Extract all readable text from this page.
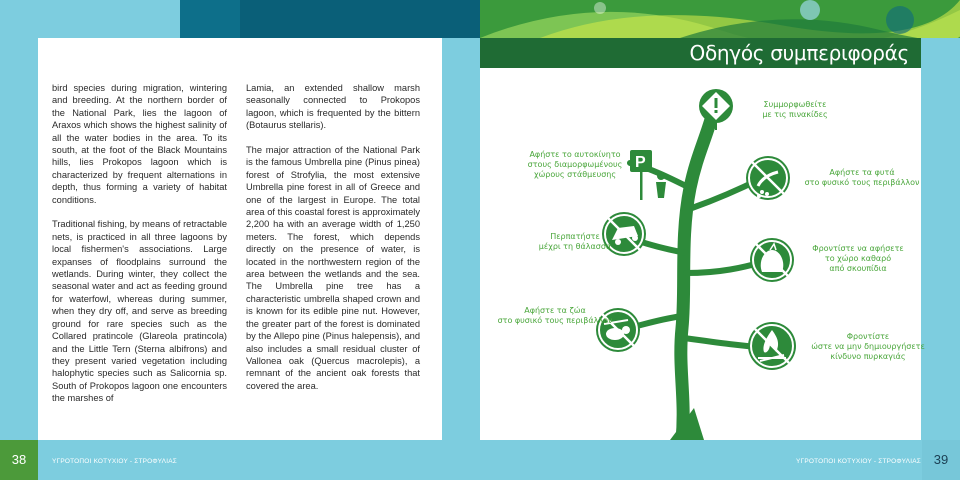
bird species during migration, wintering and breeding. At the northern border of the National Park, lies the lagoon of Araxos which shows the highest salinity of all the water bodies in the area. To its south, at the foot of the Black Mountains hills, lies Prokopos lagoon which is characterized by frequent alternations in depth, thus forming a variety of habitat conditions.

Traditional fishing, by means of retractable nets, is practiced in all three lagoons by local fishermen's associations. Large expanses of floodplains surround the wetlands. During winter, they collect the seasonal water and act as feeding ground for waterfowl, whereas during summer, when they dry off, and serve as breeding ground for rare species such as the Collared pratincole (Glareola pratincola) and the Little Tern (Sterna albifrons) and they present varied vegetation including halophytic species such as Salicornia sp. South of Prokopos lagoon one encounters the marshes of

Lamia, an extended shallow marsh seasonally connected to Prokopos lagoon, which is frequented by the bittern (Botaurus stellaris).

The major attraction of the National Park is the famous Umbrella pine (Pinus pinea) forest of Strofylia, the most extensive Umbrella pine forest in all of Greece and one of the largest in Europe. The total area of this coastal forest is approximately 2,200 ha with an average width of 1,250 meters. The forest, which depends directly on the presence of water, is located in the northwestern region of the area between the wetlands and the sea. The Umbrella pine tree has a characteristic umbrella shaped crown and is known for its edible pine nut. However, the greater part of the forest is dominated by the Allepo pine (Pinus halepensis), and also includes a small residual cluster of Vallonea oak (Quercus macrolepis), a remnant of the ancient oak forests that covered the area.

Οδηγός συμπεριφοράς
P
Συμμορφωθείτε
με τις πινακίδες
Αφήστε το αυτοκίνητο
στους διαμορφωμένους
χώρους στάθμευσης	Αφήστε τα φυτά
στο φυσικό τους περιβάλλον
Περπατήστε
μέχρι τη θάλασσα	Φροντίστε να αφήσετε
το χώρο καθαρό
από σκουπίδια
Αφήστε τα ζώα
στο φυσικό τους περιβάλλον
Φροντίστε
ώστε να μην δημιουργήσετε
κίνδυνο πυρκαγιάς
38	ΥΓΡΟΤΟΠΟΙ ΚΟΤΥΧΙΟΥ - ΣΤΡΟΦΥΛΙΑΣ	ΥΓΡΟΤΟΠΟΙ ΚΟΤΥΧΙΟΥ - ΣΤΡΟΦΥΛΙΑΣ 39
